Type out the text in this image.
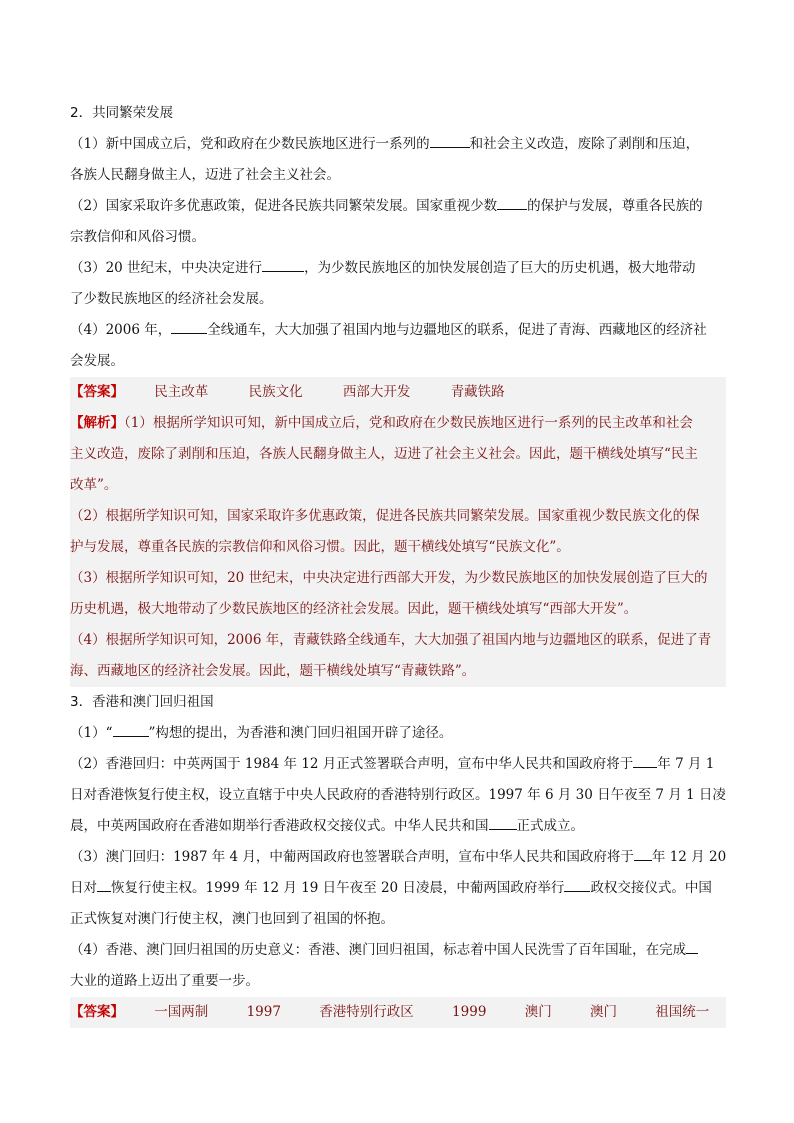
2．共同繁荣发展
（1）新中国成立后，党和政府在少数民族地区进行一系列的	和社会主义改造，废除了剥削和压迫，
各族人民翻身做主人，迈进了社会主义社会。
（2）国家采取许多优惠政策，促进各民族共同繁荣发展。国家重视少数 的保护与发展，尊重各民族的
宗教信仰和风俗习惯。
（3）20 世纪末，中央决定进行	，为少数民族地区的加快发展创造了巨大的历史机遇，极大地带动
了少数民族地区的经济社会发展。
（4）2006 年，	全线通车，大大加强了祖国内地与边疆地区的联系，促进了青海、西藏地区的经济社
会发展。
【答案】 民主改革	民族文化	西部大开发	青藏铁路
【解析】（1）根据所学知识可知，新中国成立后，党和政府在少数民族地区进行一系列的民主改革和社会
主义改造，废除了剥削和压迫，各族人民翻身做主人，迈进了社会主义社会。因此，题干横线处填写“民主
改革”。
（2）根据所学知识可知，国家采取许多优惠政策，促进各民族共同繁荣发展。国家重视少数民族文化的保
护与发展，尊重各民族的宗教信仰和风俗习惯。因此，题干横线处填写“民族文化”。
（3）根据所学知识可知，20 世纪末，中央决定进行西部大开发，为少数民族地区的加快发展创造了巨大的
历史机遇，极大地带动了少数民族地区的经济社会发展。因此，题干横线处填写“西部大开发”。
（4）根据所学知识可知，2006 年，青藏铁路全线通车，大大加强了祖国内地与边疆地区的联系，促进了青
海、西藏地区的经济社会发展。因此，题干横线处填写“青藏铁路”。
3．香港和澳门回归祖国
（1）“	”构想的提出，为香港和澳门回归祖国开辟了途径。
（2）香港回归：中英两国于 1984 年 12 月正式签署联合声明，宣布中华人民共和国政府将于 年 7 月 1
日对香港恢复行使主权，设立直辖于中央人民政府的香港特别行政区。1997 年 6 月 30 日午夜至 7 月 1 日凌
晨，中英两国政府在香港如期举行香港政权交接仪式。中华人民共和国 正式成立。
（3）澳门回归：1987 年 4 月，中葡两国政府也签署联合声明，宣布中华人民共和国政府将于 年 12 月 20
日对 恢复行使主权。1999 年 12 月 19 日午夜至 20 日凌晨，中葡两国政府举行 政权交接仪式。中国
正式恢复对澳门行使主权，澳门也回到了祖国的怀抱。
（4）香港、澳门回归祖国的历史意义：香港、澳门回归祖国，标志着中国人民洗雪了百年国耻，在完成
大业的道路上迈出了重要一步。
【答案】 一国两制	1997	香港特别行政区	1999	澳门	澳门	祖国统一
